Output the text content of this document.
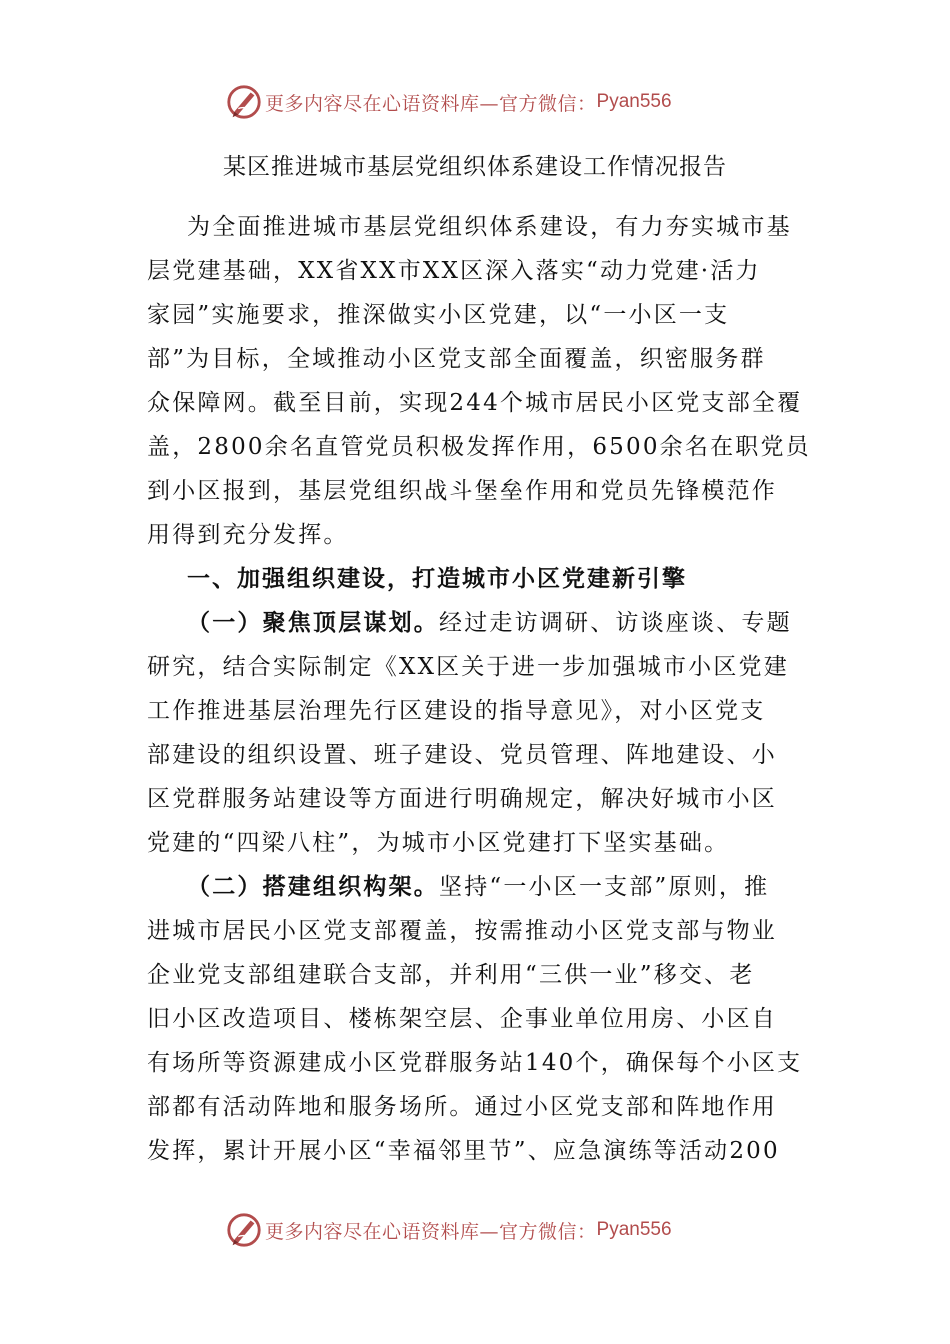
更多内容尽在心语资料库—官方微信： Pyan556
某区推进城市基层党组织体系建设工作情况报告
为全面推进城市基层党组织体系建设，有力夯实城市基
层党建基础，XX省XX市XX区深入落实“动力党建·活力
家园”实施要求，推深做实小区党建，以“一小区一支
部”为目标，全域推动小区党支部全面覆盖，织密服务群
众保障网。截至目前，实现244个城市居民小区党支部全覆
盖，2800余名直管党员积极发挥作用，6500余名在职党员
到小区报到，基层党组织战斗堡垒作用和党员先锋模范作
用得到充分发挥。
一、加强组织建设，打造城市小区党建新引擎
（一）聚焦顶层谋划。经过走访调研、访谈座谈、专题
研究，结合实际制定《XX区关于进一步加强城市小区党建
工作推进基层治理先行区建设的指导意见》，对小区党支
部建设的组织设置、班子建设、党员管理、阵地建设、小
区党群服务站建设等方面进行明确规定，解决好城市小区
党建的“四梁八柱”，为城市小区党建打下坚实基础。
（二）搭建组织构架。坚持“一小区一支部”原则，推
进城市居民小区党支部覆盖，按需推动小区党支部与物业
企业党支部组建联合支部，并利用“三供一业”移交、老
旧小区改造项目、楼栋架空层、企事业单位用房、小区自
有场所等资源建成小区党群服务站140个，确保每个小区支
部都有活动阵地和服务场所。通过小区党支部和阵地作用
发挥，累计开展小区“幸福邻里节”、应急演练等活动200
更多内容尽在心语资料库—官方微信： Pyan556
